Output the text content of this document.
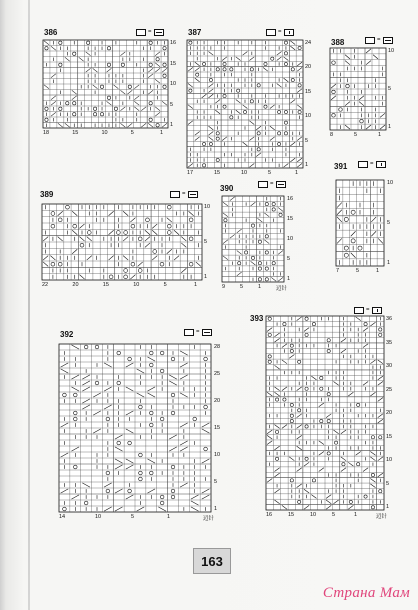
386	=
16
15
10
5
1
18	15	10	5	1
387	=
24
20
15
10
5
1
17	15	10	5	1
388	=
10
5
1
8	5	1
389	=
10
5
1
22	20	15	10	5	1
390
=
16
15
10
5
1
9	5	1	辺针
391	=
10
5
1
7	5	1
392	=
28
25
20
15
10
5
1
14	10	5	1	辺针
393
=
36
35
30
25
20
15
10
5
1
16	15	10	5	1	辺针
163
Страна Мам
